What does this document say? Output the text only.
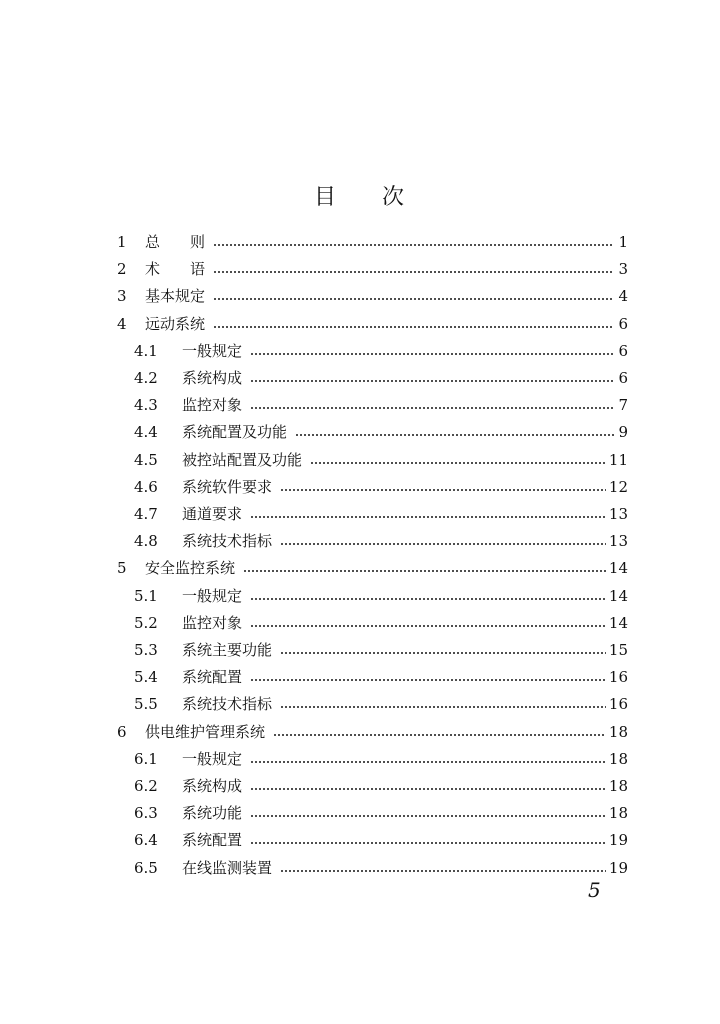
目 次
1 总　　则	1
2 术　　语	3
3 基本规定	4
4 远动系统	6
4.1 一般规定	6
4.2 系统构成	6
4.3 监控对象	7
4.4 系统配置及功能	9
4.5 被控站配置及功能	11
4.6 系统软件要求	12
4.7 通道要求	13
4.8 系统技术指标	13
5 安全监控系统	14
5.1 一般规定	14
5.2 监控对象	14
5.3 系统主要功能	15
5.4 系统配置	16
5.5 系统技术指标	16
6 供电维护管理系统	18
6.1 一般规定	18
6.2 系统构成	18
6.3 系统功能	18
6.4 系统配置	19
6.5 在线监测装置	19
5
